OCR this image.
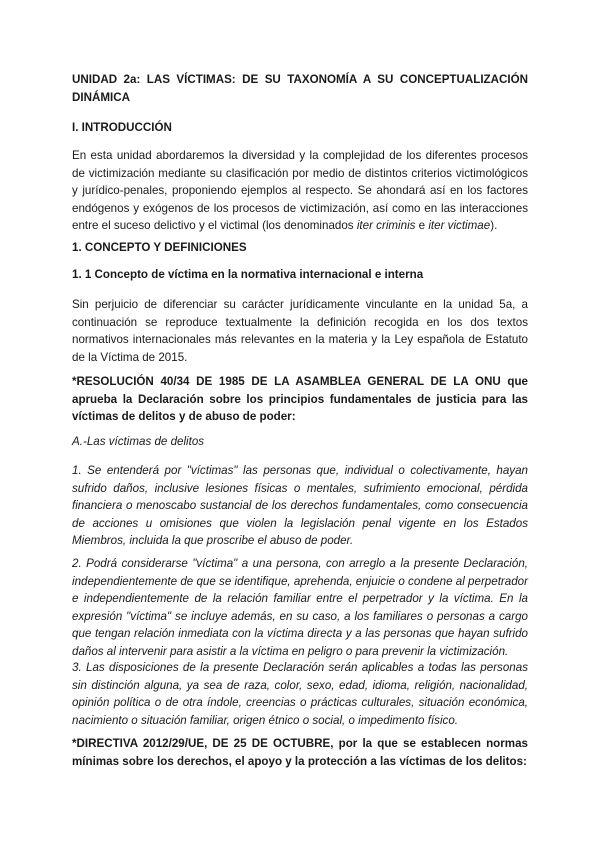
UNIDAD 2a: LAS VÍCTIMAS: DE SU TAXONOMÍA A SU CONCEPTUALIZACIÓN DINÁMICA

I. INTRODUCCIÓN

En esta unidad abordaremos la diversidad y la complejidad de los diferentes procesos de victimización mediante su clasificación por medio de distintos criterios victimológicos y jurídico-penales, proponiendo ejemplos al respecto. Se ahondará así en los factores endógenos y exógenos de los procesos de victimización, así como en las interacciones entre el suceso delictivo y el victimal (los denominados iter criminis e iter victimae).

1. CONCEPTO Y DEFINICIONES

1. 1 Concepto de víctima en la normativa internacional e interna

Sin perjuicio de diferenciar su carácter jurídicamente vinculante en la unidad 5a, a continuación se reproduce textualmente la definición recogida en los dos textos normativos internacionales más relevantes en la materia y la Ley española de Estatuto de la Víctima de 2015.

*RESOLUCIÓN 40/34 DE 1985 DE LA ASAMBLEA GENERAL DE LA ONU que aprueba la Declaración sobre los principios fundamentales de justicia para las víctimas de delitos y de abuso de poder:

A.-Las víctimas de delitos

1. Se entenderá por "víctimas" las personas que, individual o colectivamente, hayan sufrido daños, inclusive lesiones físicas o mentales, sufrimiento emocional, pérdida financiera o menoscabo sustancial de los derechos fundamentales, como consecuencia de acciones u omisiones que violen la legislación penal vigente en los Estados Miembros, incluida la que proscribe el abuso de poder.

2. Podrá considerarse "víctima" a una persona, con arreglo a la presente Declaración, independientemente de que se identifique, aprehenda, enjuicie o condene al perpetrador e independientemente de la relación familiar entre el perpetrador y la víctima. En la expresión "víctima" se incluye además, en su caso, a los familiares o personas a cargo que tengan relación inmediata con la víctima directa y a las personas que hayan sufrido daños al intervenir para asistir a la víctima en peligro o para prevenir la victimización.

3. Las disposiciones de la presente Declaración serán aplicables a todas las personas sin distinción alguna, ya sea de raza, color, sexo, edad, idioma, religión, nacionalidad, opinión política o de otra índole, creencias o prácticas culturales, situación económica, nacimiento o situación familiar, origen étnico o social, o impedimento físico.

*DIRECTIVA 2012/29/UE, DE 25 DE OCTUBRE, por la que se establecen normas mínimas sobre los derechos, el apoyo y la protección a las víctimas de los delitos:
